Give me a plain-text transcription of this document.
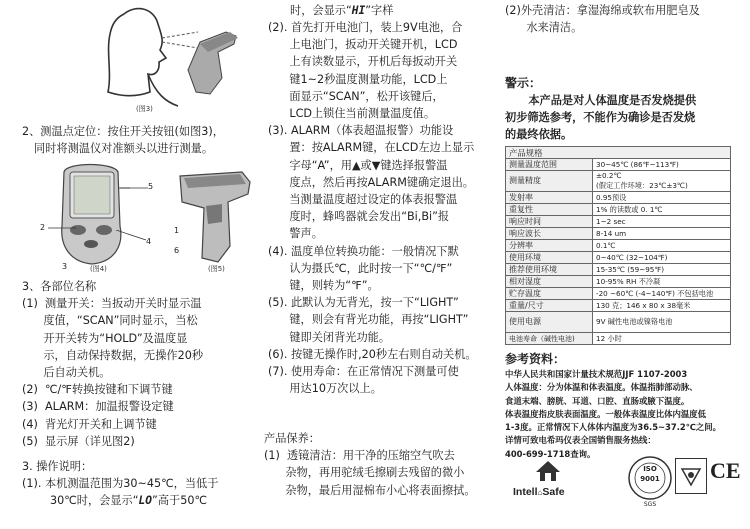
(图3)

2、测温点定位：按住开关按钮(如图3)，

同时将测温仪对准额头以进行测量。

5
2
4
3	(图4)
1
6
(图5)

3、各部位名称

(1)  测量开关：当扳动开关时显示温

度值，“SCAN”同时显示，当松

开开关转为“HOLD”及温度显

示，自动保持数据，无操作20秒

后自动关机。

(2)  ℃/℉转换按键和下调节键

(3)  ALARM：加温报警设定键

(4)  背光灯开关和上调节键

(5)  显示屏（详见图2)

3. 操作说明：

(1). 本机测温范围为30~45℃，当低于

30℃时，会显示“LO”高于50℃

时，会显示“HI”字样

(2). 首先打开电池门，装上9V电池，合

上电池门，扳动开关键开机，LCD

上有读数显示，开机后每扳动开关

键1~2秒温度测量功能，LCD上

面显示“SCAN”，松开该键后，

LCD上锁住当前测量温度值。

(3). ALARM（体表超温报警）功能设

置：按ALARM键，在LCD左边上显示

字母“A”，用▲或▼键选择报警温

度点，然后再按ALARM键确定退出。

当测量温度超过设定的体表报警温

度时，蜂鸣器就会发出“Bi,Bi”报

警声。

(4). 温度单位转换功能：一般情况下默

认为摄氏℃，此时按一下“℃/℉”

键，则转为“℉”。

(5). 此默认为无背光，按一下“LIGHT”

键，则会有背光功能，再按“LIGHT”

键即关闭背光功能。

(6). 按键无操作时,20秒左右则自动关机。

(7). 使用寿命：在正常情况下测量可使

用达10万次以上。

产品保养：

(1)  透镜清洁：用干净的压缩空气吹去

杂物，再用驼绒毛擦刷去残留的微小

杂物，最后用湿棉布小心将表面擦拭。

(2)外壳清洁：拿湿海绵或软布用肥皂及

水来清洁。

警示：

本产品是对人体温度是否发烧提供

初步筛选参考，不能作为确诊是否发烧

的最终依据。

产品规格	
测量温度范围	30~45℃ (86℉~113℉)
测量精度	±0.2℃
(假定工作环境：23℃±3℃)
发射率	0.95预设
重复性	1% 的读数或 0. 1℃
响应时间	1~2 sec
响应波长	8-14 um
分辨率	0.1℃
使用环境	0~40℃ (32~104℉)
推荐使用环境	15-35℃ (59~95℉)
相对湿度	10-95% RH 不冷凝
贮存温度	-20 ~60℃ (-4~140℉) 不包括电池
重量/尺寸	130 克；146 x 80 x 38毫米
使用电源	9V 碱性电池或镍铬电池
电池寿命（碱性电池)	12 小时

参考资料：

中华人民共和国家计量技术规范JJF 1107-2003

人体温度：分为体温和体表温度。体温指肺部动脉、

食道末端、膀胱、耳道、口腔、直肠或腋下温度。

体表温度指皮肤表面温度。一般体表温度比体内温度低

1-3度。正常情况下人体体内温度为36.5~37.2℃之间。

详情可致电希玛仪表全国销售服务热线：

400-699-1718查询。

Intell⌂Safe
ISO
9001
SGS
CE
